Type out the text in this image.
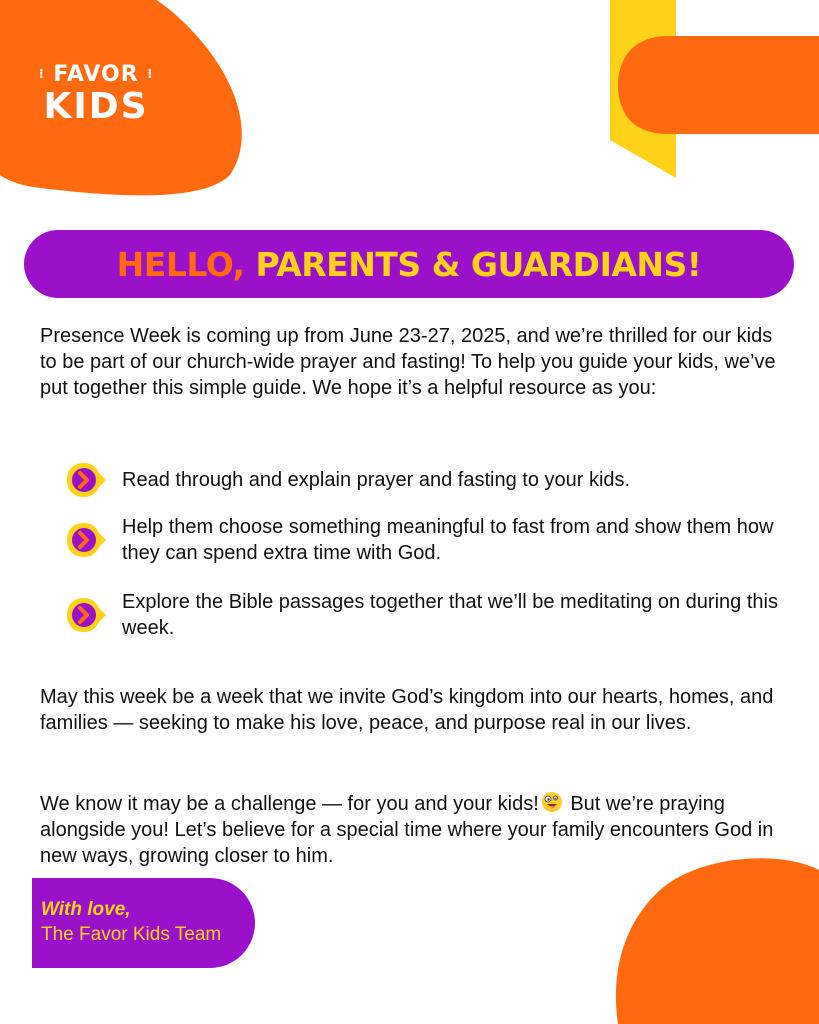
⁝ FAVOR ⁝
KIDS
HELLO, PARENTS & GUARDIANS!

Presence Week is coming up from June 23-27, 2025, and we’re thrilled for our kids to be part of our church-wide prayer and fasting! To help you guide your kids, we’ve put together this simple guide. We hope it’s a helpful resource as you:

Read through and explain prayer and fasting to your kids.
Help them choose something meaningful to fast from and show them how they can spend extra time with God.
Explore the Bible passages together that we’ll be meditating on during this week.

May this week be a week that we invite God’s kingdom into our hearts, homes, and families — seeking to make his love, peace, and purpose real in our lives.

We know it may be a challenge — for you and your kids! But we’re praying alongside you! Let’s believe for a special time where your family encounters God in new ways, growing closer to him.

With love,
The Favor Kids Team
